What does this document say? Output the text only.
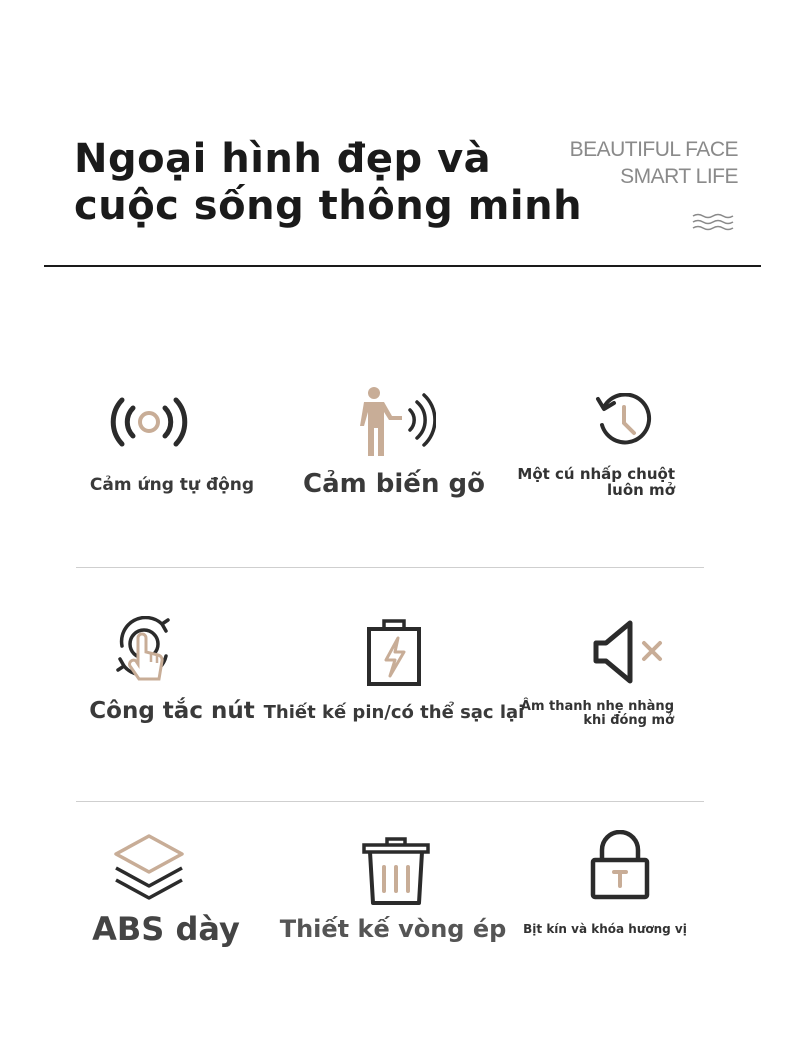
Ngoại hình đẹp và
cuộc sống thông minh
BEAUTIFUL FACE
SMART LIFE
Cảm ứng tự động Cảm biến gõ Một cú nhấp chuột
luôn mở
Công tắc nút Thiết kế pin/có thể sạc lại
Âm thanh nhẹ nhàng
khi đóng mở
ABS dày Thiết kế vòng ép Bịt kín và khóa hương vị
